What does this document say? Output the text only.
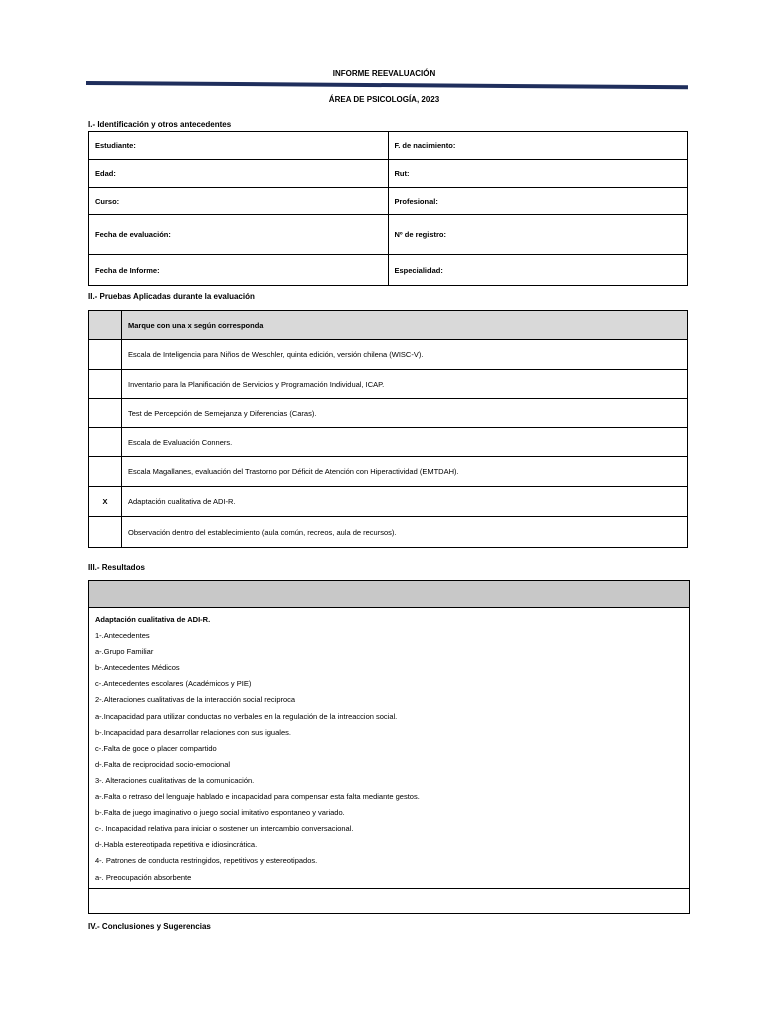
INFORME REEVALUACIÓN
ÁREA DE PSICOLOGÍA, 2023
I.- Identificación y otros antecedentes
Estudiante:	F. de nacimiento:
Edad:	Rut:
Curso:	Profesional:
Fecha de evaluación:	Nº de registro:
Fecha de Informe:	Especialidad:
II.- Pruebas Aplicadas durante la evaluación
	Marque con una x según corresponda
	Escala de Inteligencia para Niños de Weschler, quinta edición, versión chilena (WISC-V).
	Inventario para la Planificación de Servicios y Programación Individual, ICAP.
	Test de Percepción de Semejanza y Diferencias (Caras).
	Escala de Evaluación Conners.
	Escala Magallanes, evaluación del Trastorno por Déficit de Atención con Hiperactividad (EMTDAH).
X	Adaptación cualitativa de ADI-R.
	Observación dentro del establecimiento (aula común, recreos, aula de recursos).
III.- Resultados

Adaptación cualitativa de ADI-R.
1-.Antecedentes
a-.Grupo Familiar
b-.Antecedentes Médicos
c-.Antecedentes escolares (Académicos y PIE)
2-.Alteraciones cualitativas de la interacción social reciproca
a-.Incapacidad para utilizar conductas no verbales en la regulación de la intreaccion social.
b-.Incapacidad para desarrollar relaciones con sus iguales.
c-.Falta de goce o placer compartido
d-.Falta de reciprocidad socio-emocional
3-. Alteraciones cualitativas de la comunicación.
a-.Falta o retraso del lenguaje hablado e incapacidad para compensar esta falta mediante gestos.
b-.Falta de juego imaginativo o juego social imitativo espontaneo y variado.
c-. Incapacidad relativa para iniciar o sostener un intercambio conversacional.
d-.Habla estereotipada repetitiva e idiosincrática.
4-. Patrones de conducta restringidos, repetitivos y estereotipados.
a-. Preocupación absorbente

IV.- Conclusiones y Sugerencias
